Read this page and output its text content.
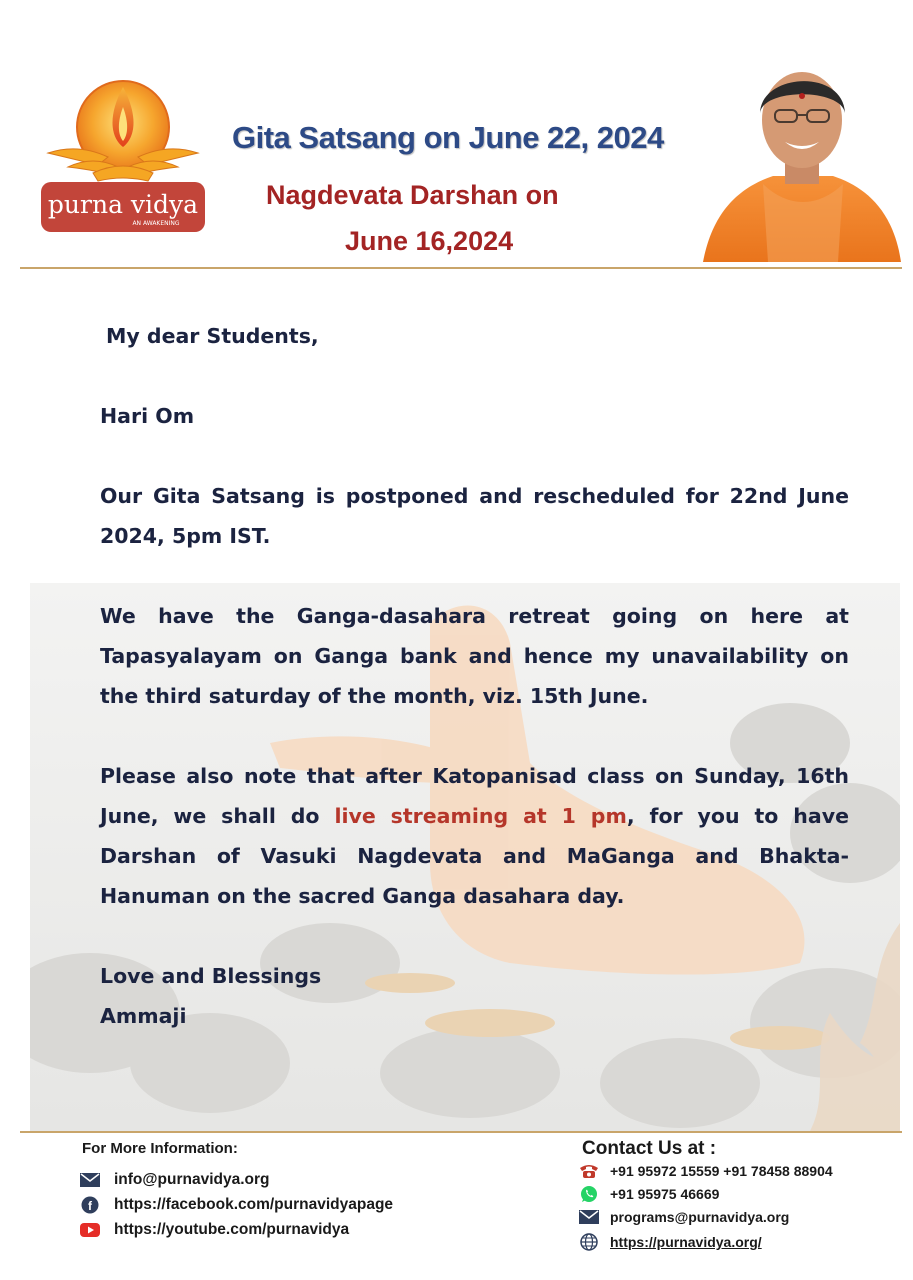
purna vidya
AN AWAKENING
Gita Satsang on June 22, 2024
Nagdevata Darshan on
June 16,2024
My dear Students,
Hari Om
Our Gita Satsang is postponed and rescheduled for 22nd June 2024, 5pm IST.
We have the Ganga-dasahara retreat going on here at Tapasyalayam on Ganga bank and hence my unavailability on the third saturday of the month, viz. 15th June.
Please also note that after Katopanisad class on Sunday, 16th June, we shall do live streaming at 1 pm, for you to have Darshan of Vasuki Nagdevata and MaGanga and Bhakta-Hanuman on the sacred Ganga dasahara day.
Love and Blessings
Ammaji
For More Information:
info@purnavidya.org
f https://facebook.com/purnavidyapage
https://youtube.com/purnavidya
Contact Us at :
+91 95972 15559 +91 78458 88904
+91 95975 46669
programs@purnavidya.org
https://purnavidya.org/
